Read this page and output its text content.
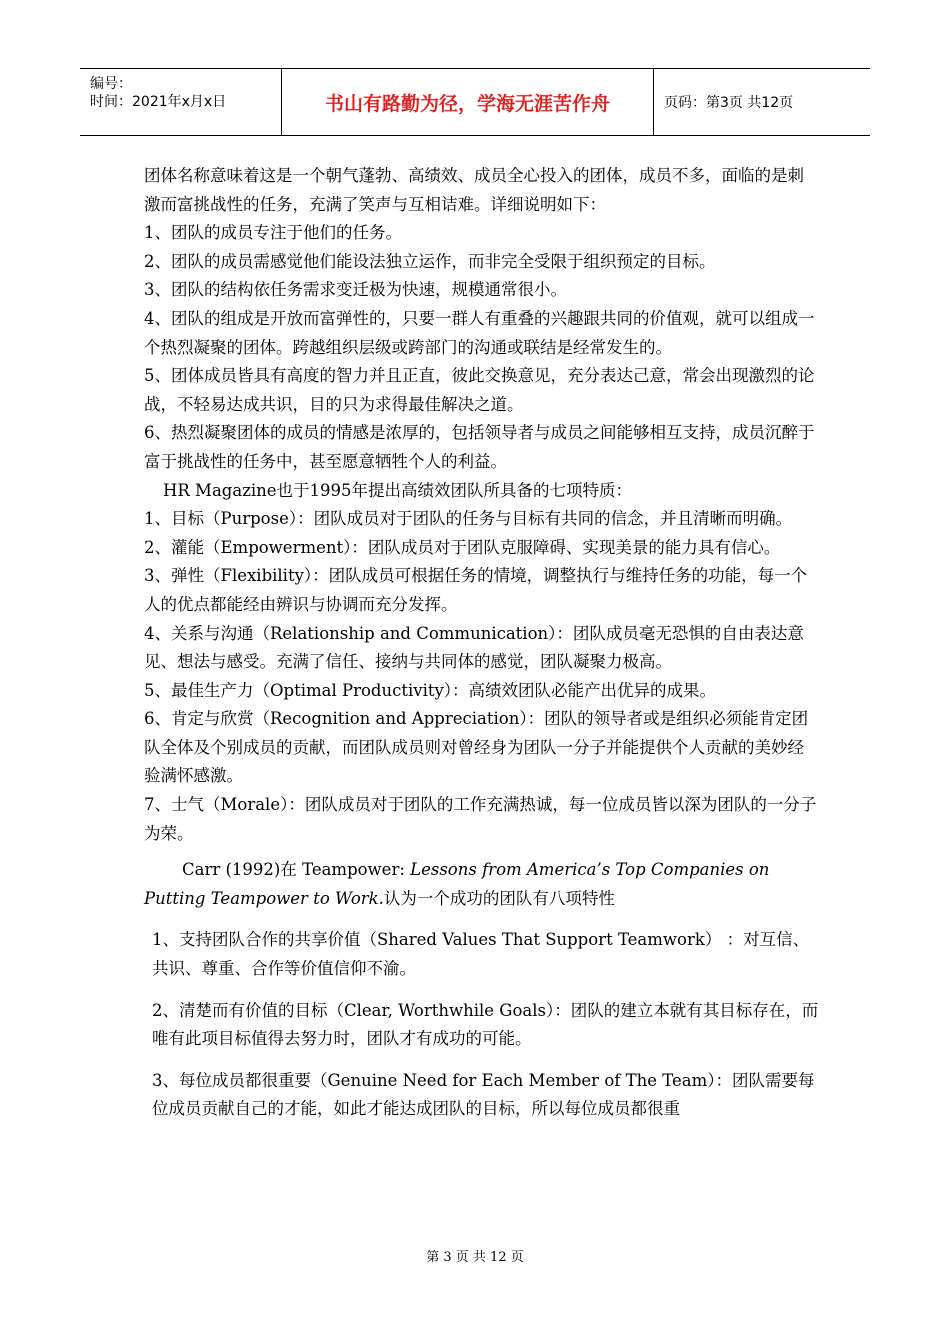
编号：
时间：2021年x月x日	书山有路勤为径，学海无涯苦作舟	页码：第3页 共12页

团体名称意味着这是一个朝气蓬勃、高绩效、成员全心投入的团体，成员不多，面临的是刺激而富挑战性的任务，充满了笑声与互相诘难。详细说明如下：

1、团队的成员专注于他们的任务。

2、团队的成员需感觉他们能设法独立运作，而非完全受限于组织预定的目标。

3、团队的结构依任务需求变迁极为快速，规模通常很小。

4、团队的组成是开放而富弹性的，只要一群人有重叠的兴趣跟共同的价值观，就可以组成一个热烈凝聚的团体。跨越组织层级或跨部门的沟通或联结是经常发生的。

5、团体成员皆具有高度的智力并且正直，彼此交换意见，充分表达己意，常会出现激烈的论战，不轻易达成共识，目的只为求得最佳解决之道。

6、热烈凝聚团体的成员的情感是浓厚的，包括领导者与成员之间能够相互支持，成员沉醉于富于挑战性的任务中，甚至愿意牺牲个人的利益。

HR Magazine也于1995年提出高绩效团队所具备的七项特质：

1、目标（Purpose）：团队成员对于团队的任务与目标有共同的信念，并且清晰而明确。

2、灌能（Empowerment）：团队成员对于团队克服障碍、实现美景的能力具有信心。

3、弹性（Flexibility）：团队成员可根据任务的情境，调整执行与维持任务的功能，每一个人的优点都能经由辨识与协调而充分发挥。

4、关系与沟通（Relationship and Communication）：团队成员毫无恐惧的自由表达意见、想法与感受。充满了信任、接纳与共同体的感觉，团队凝聚力极高。

5、最佳生产力（Optimal Productivity）：高绩效团队必能产出优异的成果。

6、肯定与欣赏（Recognition and Appreciation）：团队的领导者或是组织必须能肯定团队全体及个别成员的贡献，而团队成员则对曾经身为团队一分子并能提供个人贡献的美妙经验满怀感激。

7、士气（Morale）：团队成员对于团队的工作充满热诚，每一位成员皆以深为团队的一分子为荣。

Carr (1992)在 Teampower: Lessons from America’s Top Companies on Putting Teampower to Work.认为一个成功的团队有八项特性

1、支持团队合作的共享价值（Shared Values That Support Teamwork） ：对互信、共识、尊重、合作等价值信仰不渝。

2、清楚而有价值的目标（Clear, Worthwhile Goals）：团队的建立本就有其目标存在，而唯有此项目标值得去努力时，团队才有成功的可能。

3、每位成员都很重要（Genuine Need for Each Member of The Team）：团队需要每位成员贡献自己的才能，如此才能达成团队的目标，所以每位成员都很重

第 3 页 共 12 页
